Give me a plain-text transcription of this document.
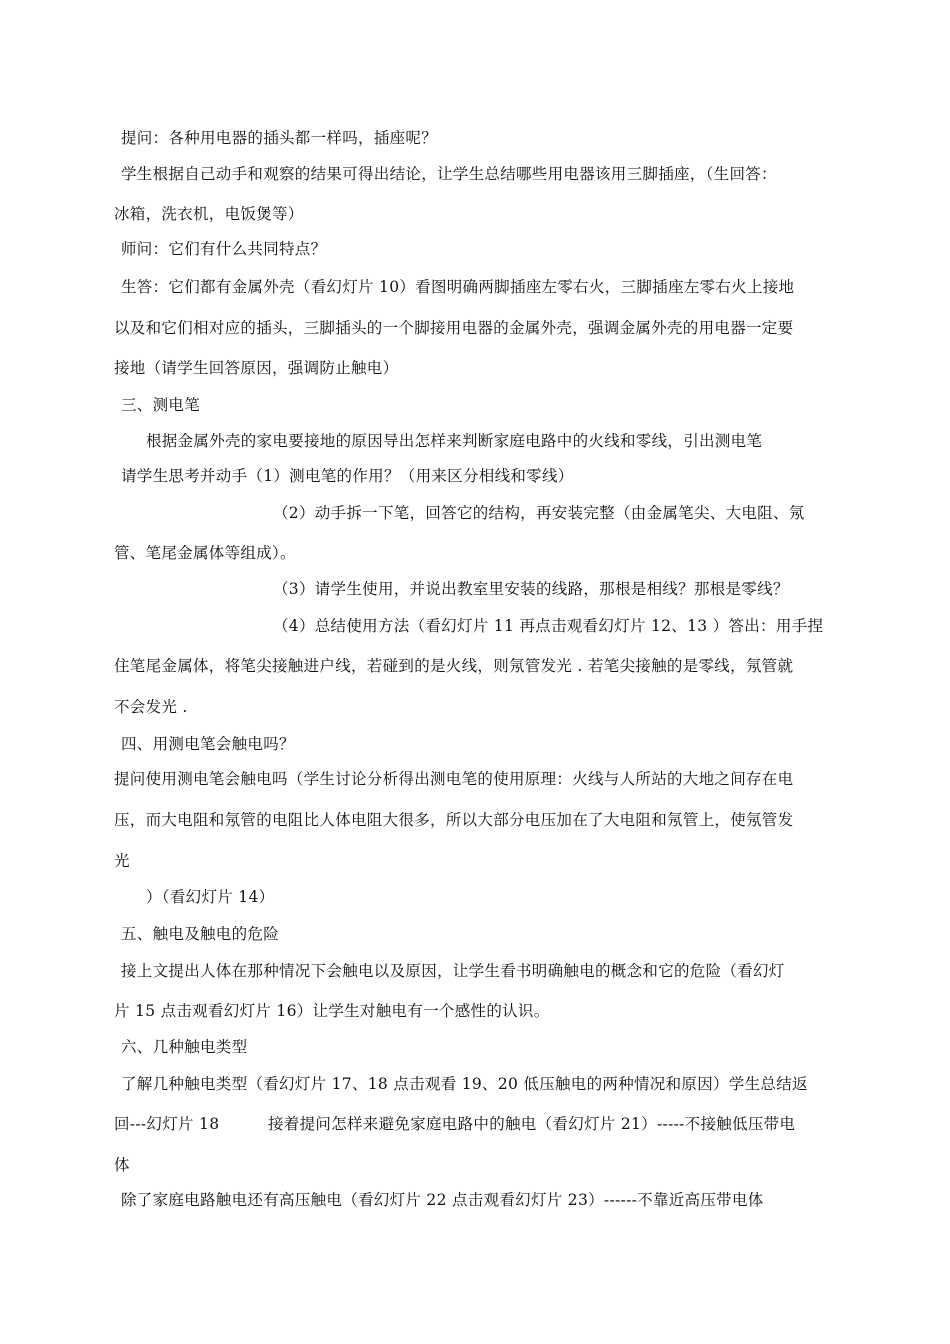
提问：各种用电器的插头都一样吗，插座呢？
学生根据自己动手和观察的结果可得出结论，让学生总结哪些用电器该用三脚插座，（生回答：
冰箱，洗衣机，电饭煲等）
师问：它们有什么共同特点？
生答：它们都有金属外壳（看幻灯片 10）看图明确两脚插座左零右火，三脚插座左零右火上接地
以及和它们相对应的插头，三脚插头的一个脚接用电器的金属外壳，强调金属外壳的用电器一定要
接地（请学生回答原因，强调防止触电）
三、测电笔
根据金属外壳的家电要接地的原因导出怎样来判断家庭电路中的火线和零线，引出测电笔
请学生思考并动手（1）测电笔的作用？（用来区分相线和零线）
（2）动手拆一下笔，回答它的结构，再安装完整（由金属笔尖、大电阻、氖
管、笔尾金属体等组成）。
（3）请学生使用，并说出教室里安装的线路，那根是相线？那根是零线？
（4）总结使用方法（看幻灯片 11 再点击观看幻灯片 12、13 ）答出：用手捏
住笔尾金属体，将笔尖接触进户线，若碰到的是火线，则氖管发光 . 若笔尖接触的是零线，氖管就
不会发光 .
四、用测电笔会触电吗？
提问使用测电笔会触电吗（学生讨论分析得出测电笔的使用原理：火线与人所站的大地之间存在电
压，而大电阻和氖管的电阻比人体电阻大很多，所以大部分电压加在了大电阻和氖管上，使氖管发
光
）（看幻灯片 14）
五、触电及触电的危险
接上文提出人体在那种情况下会触电以及原因，让学生看书明确触电的概念和它的危险（看幻灯
片 15 点击观看幻灯片 16）让学生对触电有一个感性的认识。
六、几种触电类型
了解几种触电类型（看幻灯片 17、18 点击观看 19、20 低压触电的两种情况和原因）学生总结返
回---幻灯片 18	接着提问怎样来避免家庭电路中的触电（看幻灯片 21）-----不接触低压带电
体
除了家庭电路触电还有高压触电（看幻灯片 22 点击观看幻灯片 23）------不靠近高压带电体
